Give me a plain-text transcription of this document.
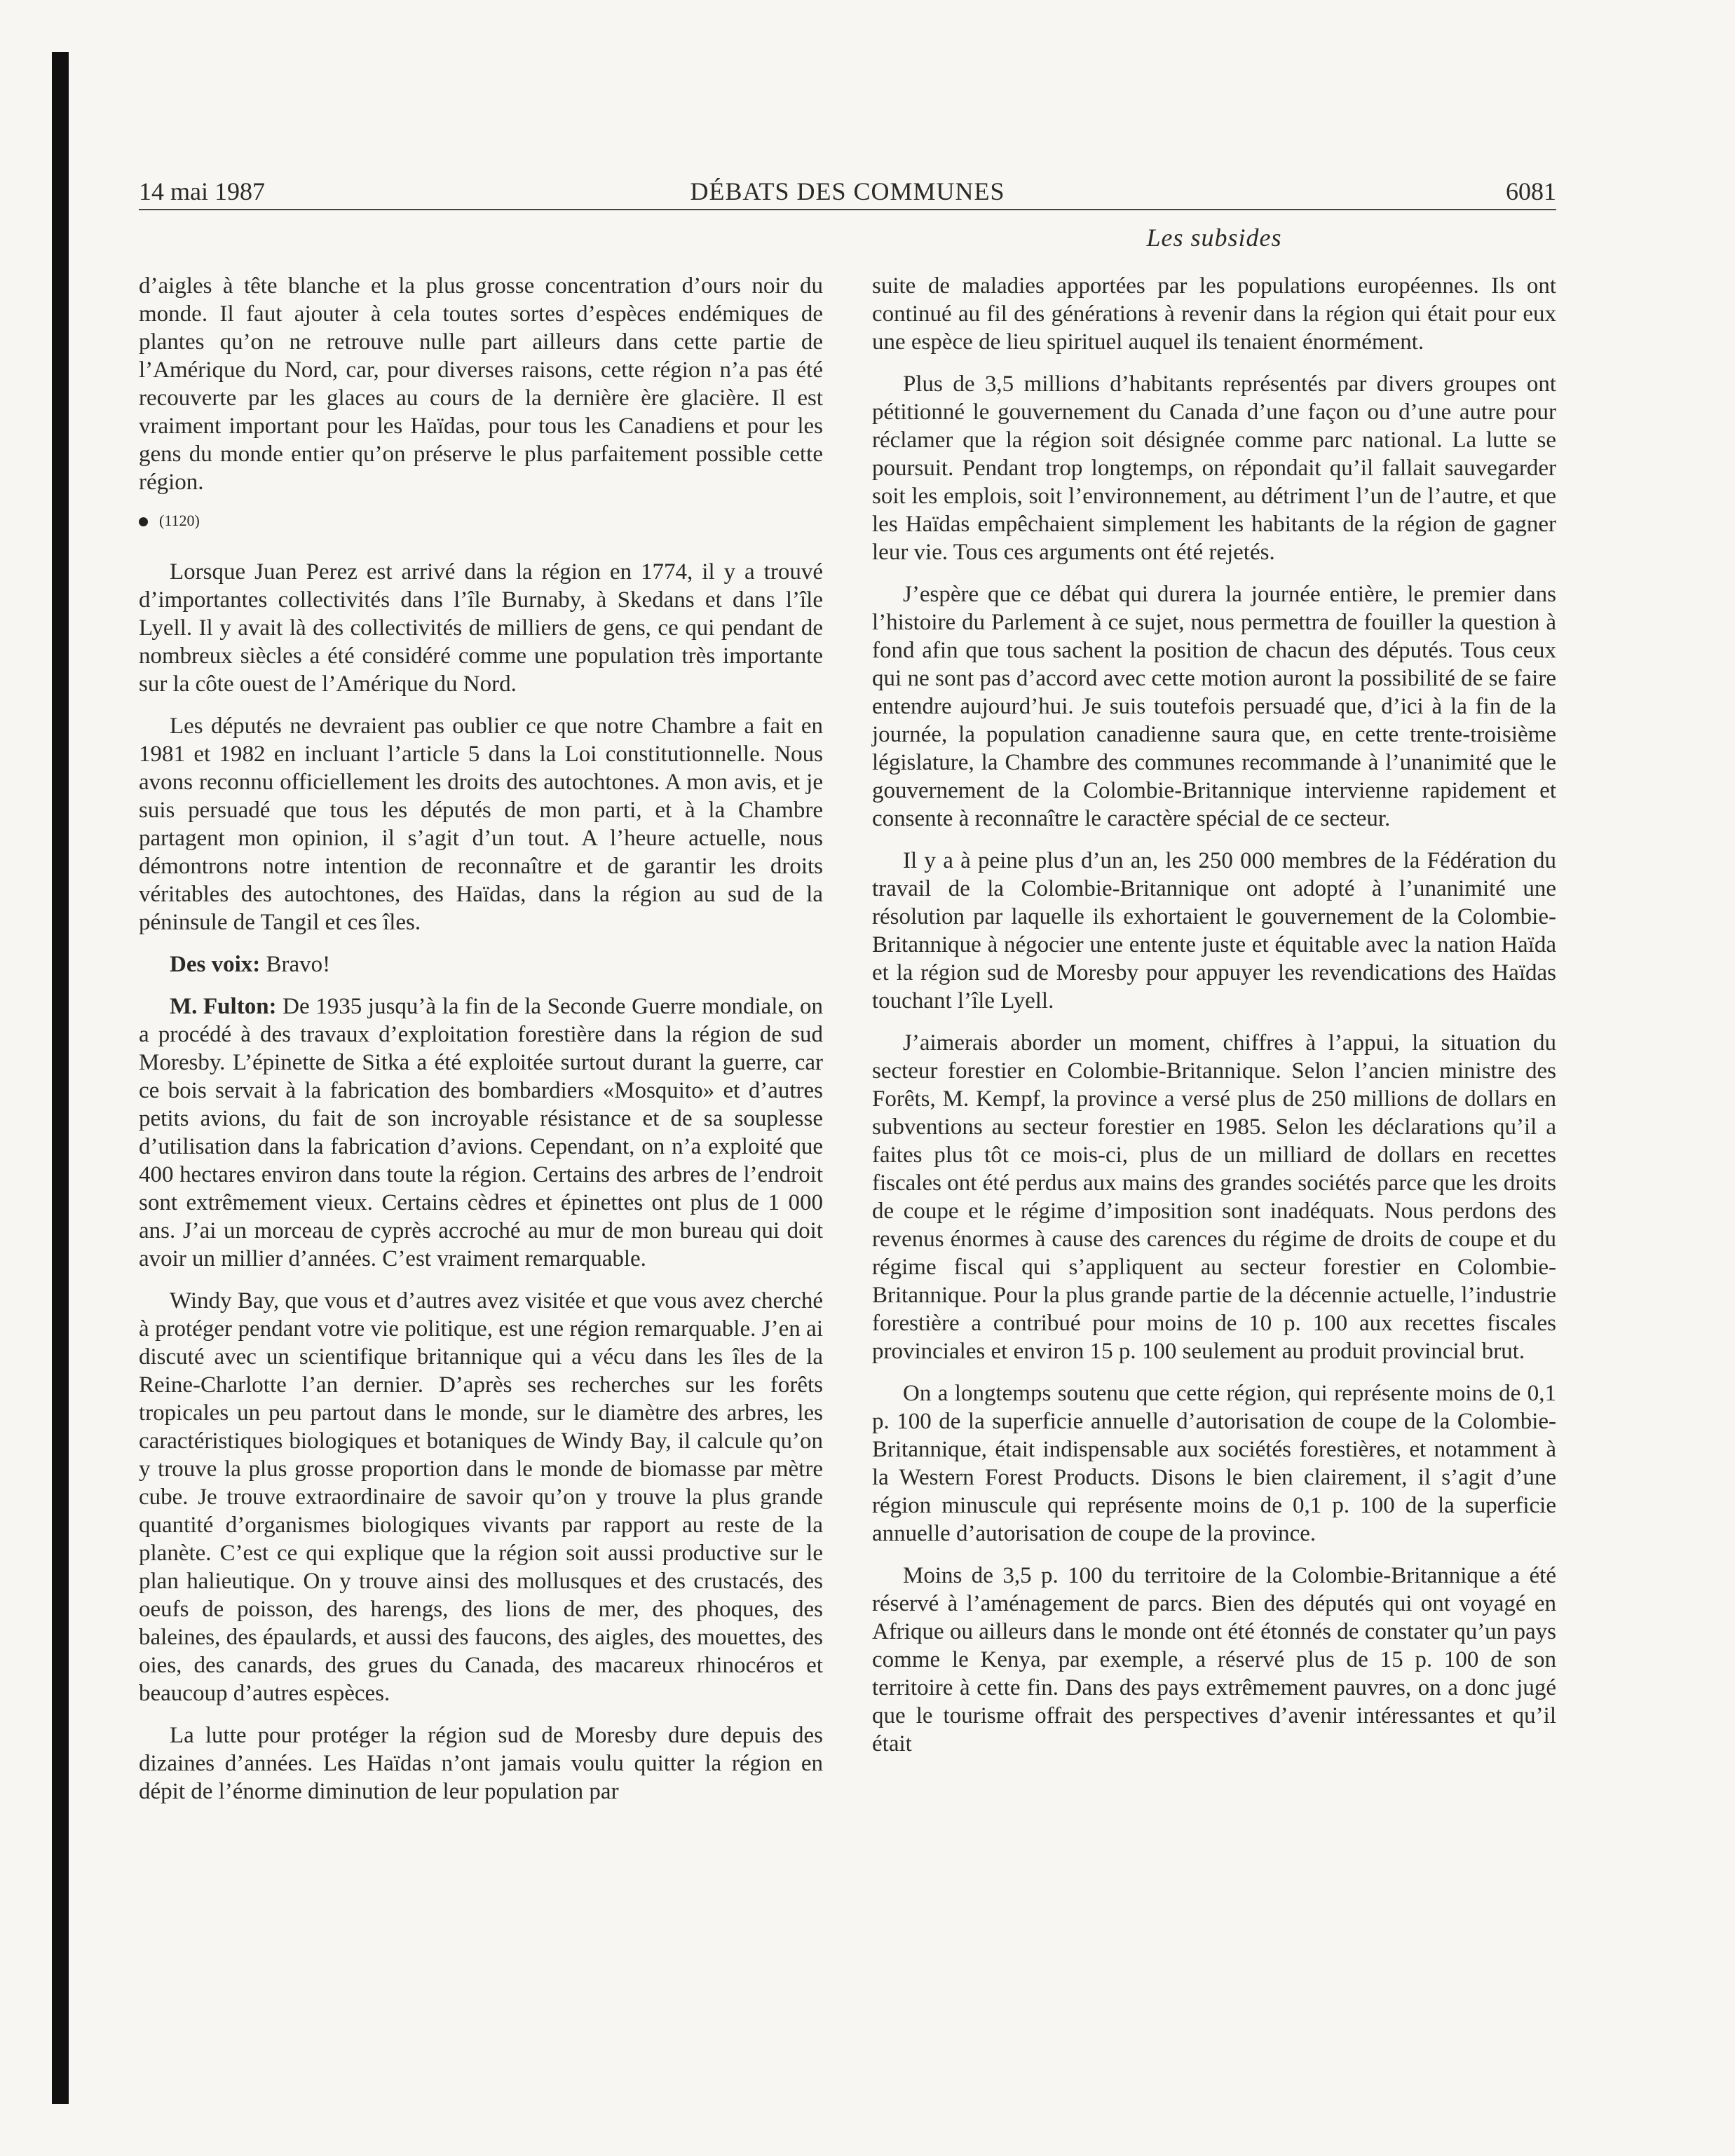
14 mai 1987	DÉBATS DES COMMUNES	6081
Les subsides

d’aigles à tête blanche et la plus grosse concentration d’ours noir du monde. Il faut ajouter à cela toutes sortes d’espèces endémiques de plantes qu’on ne retrouve nulle part ailleurs dans cette partie de l’Amérique du Nord, car, pour diverses raisons, cette région n’a pas été recouverte par les glaces au cours de la dernière ère glacière. Il est vraiment important pour les Haïdas, pour tous les Canadiens et pour les gens du monde entier qu’on préserve le plus parfaitement possible cette région.

(1120)

Lorsque Juan Perez est arrivé dans la région en 1774, il y a trouvé d’importantes collectivités dans l’île Burnaby, à Skedans et dans l’île Lyell. Il y avait là des collectivités de milliers de gens, ce qui pendant de nombreux siècles a été considéré comme une population très importante sur la côte ouest de l’Amérique du Nord.

Les députés ne devraient pas oublier ce que notre Chambre a fait en 1981 et 1982 en incluant l’article 5 dans la Loi constitutionnelle. Nous avons reconnu officiellement les droits des autochtones. A mon avis, et je suis persuadé que tous les députés de mon parti, et à la Chambre partagent mon opinion, il s’agit d’un tout. A l’heure actuelle, nous démontrons notre intention de reconnaître et de garantir les droits véritables des autochtones, des Haïdas, dans la région au sud de la péninsule de Tangil et ces îles.

Des voix: Bravo!

M. Fulton: De 1935 jusqu’à la fin de la Seconde Guerre mondiale, on a procédé à des travaux d’exploitation forestière dans la région de sud Moresby. L’épinette de Sitka a été exploitée surtout durant la guerre, car ce bois servait à la fabrication des bombardiers «Mosquito» et d’autres petits avions, du fait de son incroyable résistance et de sa souplesse d’utilisation dans la fabrication d’avions. Cependant, on n’a exploité que 400 hectares environ dans toute la région. Certains des arbres de l’endroit sont extrêmement vieux. Certains cèdres et épinettes ont plus de 1 000 ans. J’ai un morceau de cyprès accroché au mur de mon bureau qui doit avoir un millier d’années. C’est vraiment remarquable.

Windy Bay, que vous et d’autres avez visitée et que vous avez cherché à protéger pendant votre vie politique, est une région remarquable. J’en ai discuté avec un scientifique britannique qui a vécu dans les îles de la Reine-Charlotte l’an dernier. D’après ses recherches sur les forêts tropicales un peu partout dans le monde, sur le diamètre des arbres, les caractéristiques biologiques et botaniques de Windy Bay, il calcule qu’on y trouve la plus grosse proportion dans le monde de biomasse par mètre cube. Je trouve extraordinaire de savoir qu’on y trouve la plus grande quantité d’organismes biologiques vivants par rapport au reste de la planète. C’est ce qui explique que la région soit aussi productive sur le plan halieutique. On y trouve ainsi des mollusques et des crustacés, des oeufs de poisson, des harengs, des lions de mer, des phoques, des baleines, des épaulards, et aussi des faucons, des aigles, des mouettes, des oies, des canards, des grues du Canada, des macareux rhinocéros et beaucoup d’autres espèces.

La lutte pour protéger la région sud de Moresby dure depuis des dizaines d’années. Les Haïdas n’ont jamais voulu quitter la région en dépit de l’énorme diminution de leur population par

suite de maladies apportées par les populations européennes. Ils ont continué au fil des générations à revenir dans la région qui était pour eux une espèce de lieu spirituel auquel ils tenaient énormément.

Plus de 3,5 millions d’habitants représentés par divers groupes ont pétitionné le gouvernement du Canada d’une façon ou d’une autre pour réclamer que la région soit désignée comme parc national. La lutte se poursuit. Pendant trop longtemps, on répondait qu’il fallait sauvegarder soit les emplois, soit l’environnement, au détriment l’un de l’autre, et que les Haïdas empêchaient simplement les habitants de la région de gagner leur vie. Tous ces arguments ont été rejetés.

J’espère que ce débat qui durera la journée entière, le premier dans l’histoire du Parlement à ce sujet, nous permettra de fouiller la question à fond afin que tous sachent la position de chacun des députés. Tous ceux qui ne sont pas d’accord avec cette motion auront la possibilité de se faire entendre aujourd’hui. Je suis toutefois persuadé que, d’ici à la fin de la journée, la population canadienne saura que, en cette trente-troisième législature, la Chambre des communes recommande à l’unanimité que le gouvernement de la Colombie-Britannique intervienne rapidement et consente à reconnaître le caractère spécial de ce secteur.

Il y a à peine plus d’un an, les 250 000 membres de la Fédération du travail de la Colombie-Britannique ont adopté à l’unanimité une résolution par laquelle ils exhortaient le gouvernement de la Colombie-Britannique à négocier une entente juste et équitable avec la nation Haïda et la région sud de Moresby pour appuyer les revendications des Haïdas touchant l’île Lyell.

J’aimerais aborder un moment, chiffres à l’appui, la situation du secteur forestier en Colombie-Britannique. Selon l’ancien ministre des Forêts, M. Kempf, la province a versé plus de 250 millions de dollars en subventions au secteur forestier en 1985. Selon les déclarations qu’il a faites plus tôt ce mois-ci, plus de un milliard de dollars en recettes fiscales ont été perdus aux mains des grandes sociétés parce que les droits de coupe et le régime d’imposition sont inadéquats. Nous perdons des revenus énormes à cause des carences du régime de droits de coupe et du régime fiscal qui s’appliquent au secteur forestier en Colombie-Britannique. Pour la plus grande partie de la décennie actuelle, l’industrie forestière a contribué pour moins de 10 p. 100 aux recettes fiscales provinciales et environ 15 p. 100 seulement au produit provincial brut.

On a longtemps soutenu que cette région, qui représente moins de 0,1 p. 100 de la superficie annuelle d’autorisation de coupe de la Colombie-Britannique, était indispensable aux sociétés forestières, et notamment à la Western Forest Products. Disons le bien clairement, il s’agit d’une région minuscule qui représente moins de 0,1 p. 100 de la superficie annuelle d’autorisation de coupe de la province.

Moins de 3,5 p. 100 du territoire de la Colombie-Britannique a été réservé à l’aménagement de parcs. Bien des députés qui ont voyagé en Afrique ou ailleurs dans le monde ont été étonnés de constater qu’un pays comme le Kenya, par exemple, a réservé plus de 15 p. 100 de son territoire à cette fin. Dans des pays extrêmement pauvres, on a donc jugé que le tourisme offrait des perspectives d’avenir intéressantes et qu’il était
